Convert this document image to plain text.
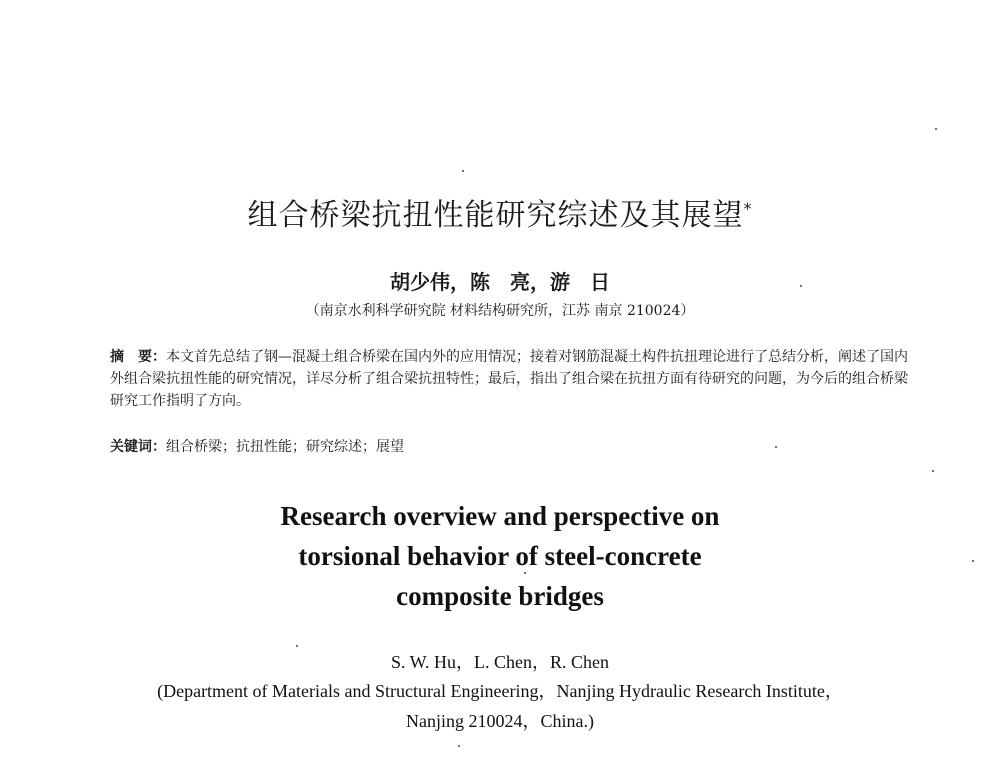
组合桥梁抗扭性能研究综述及其展望*
胡少伟，陈　亮，游　日
（南京水利科学研究院 材料结构研究所，江苏 南京 210024）
摘　要：本文首先总结了钢—混凝土组合桥梁在国内外的应用情况；接着对钢筋混凝土构件抗扭理论进行了总结分析，阐述了国内外组合梁抗扭性能的研究情况，详尽分析了组合梁抗扭特性；最后，指出了组合梁在抗扭方面有待研究的问题，为今后的组合桥梁研究工作指明了方向。
关键词：组合桥梁；抗扭性能；研究综述；展望
Research overview and perspective on
torsional behavior of steel-concrete
composite bridges
S. W. Hu，L. Chen，R. Chen
(Department of Materials and Structural Engineering，Nanjing Hydraulic Research Institute，
Nanjing 210024，China.)
